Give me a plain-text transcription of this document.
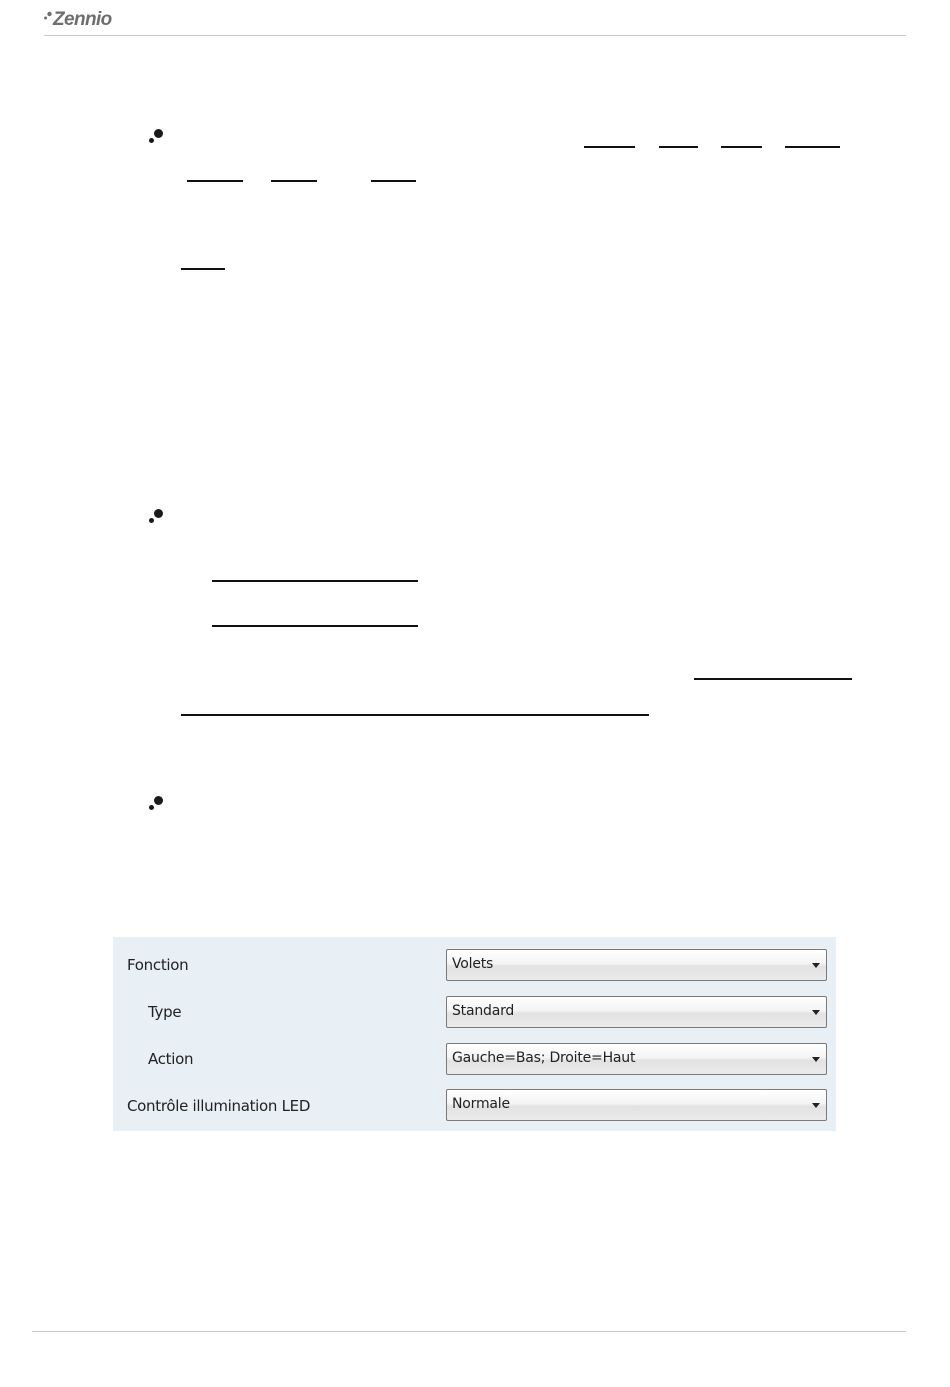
Zennio
Fonction	Volets
Type	Standard
Action	Gauche=Bas; Droite=Haut
Contrôle illumination LED	Normale
